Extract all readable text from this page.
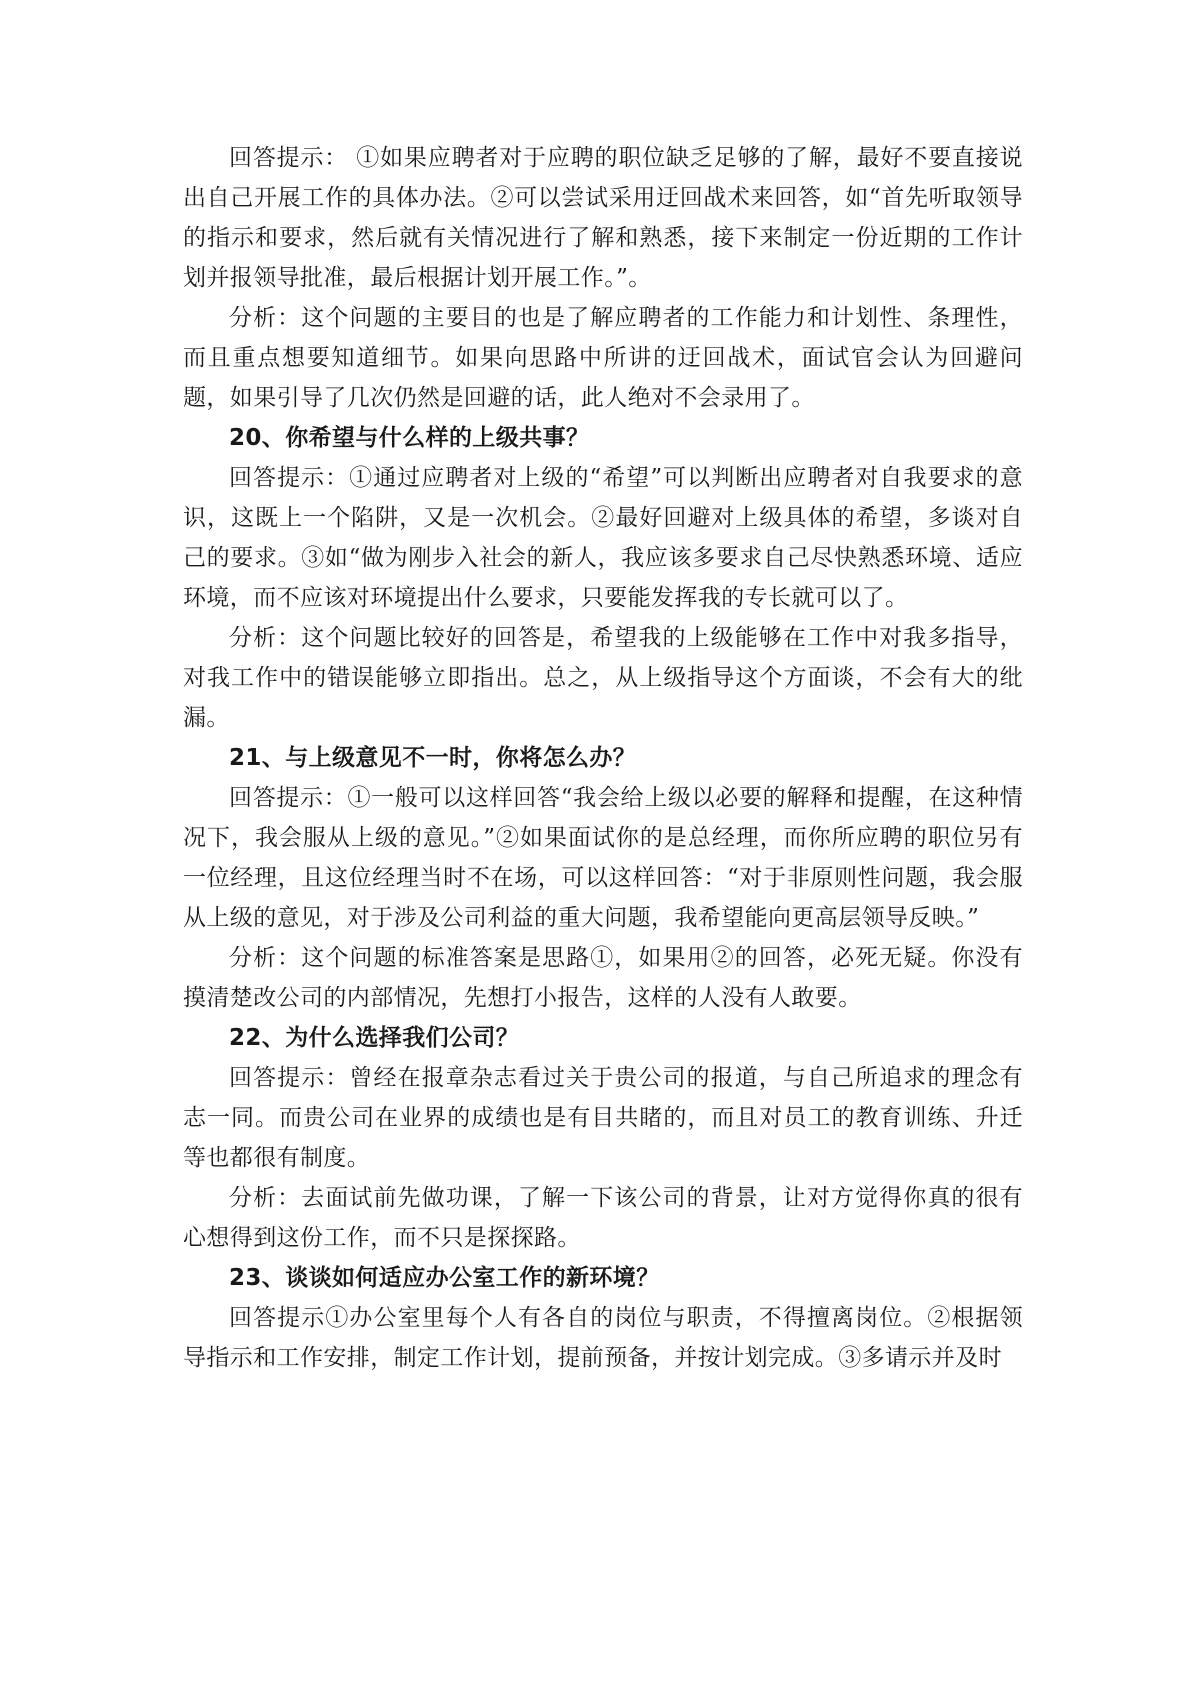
回答提示： ①如果应聘者对于应聘的职位缺乏足够的了解，最好不要直接说出自己开展工作的具体办法。②可以尝试采用迂回战术来回答，如“首先听取领导的指示和要求，然后就有关情况进行了解和熟悉，接下来制定一份近期的工作计划并报领导批准，最后根据计划开展工作。”。

分析：这个问题的主要目的也是了解应聘者的工作能力和计划性、条理性，而且重点想要知道细节。如果向思路中所讲的迂回战术，面试官会认为回避问题，如果引导了几次仍然是回避的话，此人绝对不会录用了。

20、你希望与什么样的上级共事？

回答提示：①通过应聘者对上级的“希望”可以判断出应聘者对自我要求的意识，这既上一个陷阱，又是一次机会。②最好回避对上级具体的希望，多谈对自己的要求。③如“做为刚步入社会的新人，我应该多要求自己尽快熟悉环境、适应环境，而不应该对环境提出什么要求，只要能发挥我的专长就可以了。

分析：这个问题比较好的回答是，希望我的上级能够在工作中对我多指导，对我工作中的错误能够立即指出。总之，从上级指导这个方面谈，不会有大的纰漏。

21、与上级意见不一时，你将怎么办？

回答提示：①一般可以这样回答“我会给上级以必要的解释和提醒，在这种情况下，我会服从上级的意见。”②如果面试你的是总经理，而你所应聘的职位另有一位经理，且这位经理当时不在场，可以这样回答：“对于非原则性问题，我会服从上级的意见，对于涉及公司利益的重大问题，我希望能向更高层领导反映。”

分析：这个问题的标准答案是思路①，如果用②的回答，必死无疑。你没有摸清楚改公司的内部情况，先想打小报告，这样的人没有人敢要。

22、为什么选择我们公司？

回答提示：曾经在报章杂志看过关于贵公司的报道，与自己所追求的理念有志一同。而贵公司在业界的成绩也是有目共睹的，而且对员工的教育训练、升迁等也都很有制度。

分析：去面试前先做功课，了解一下该公司的背景，让对方觉得你真的很有心想得到这份工作，而不只是探探路。

23、谈谈如何适应办公室工作的新环境？

回答提示①办公室里每个人有各自的岗位与职责，不得擅离岗位。②根据领导指示和工作安排，制定工作计划，提前预备，并按计划完成。③多请示并及时
